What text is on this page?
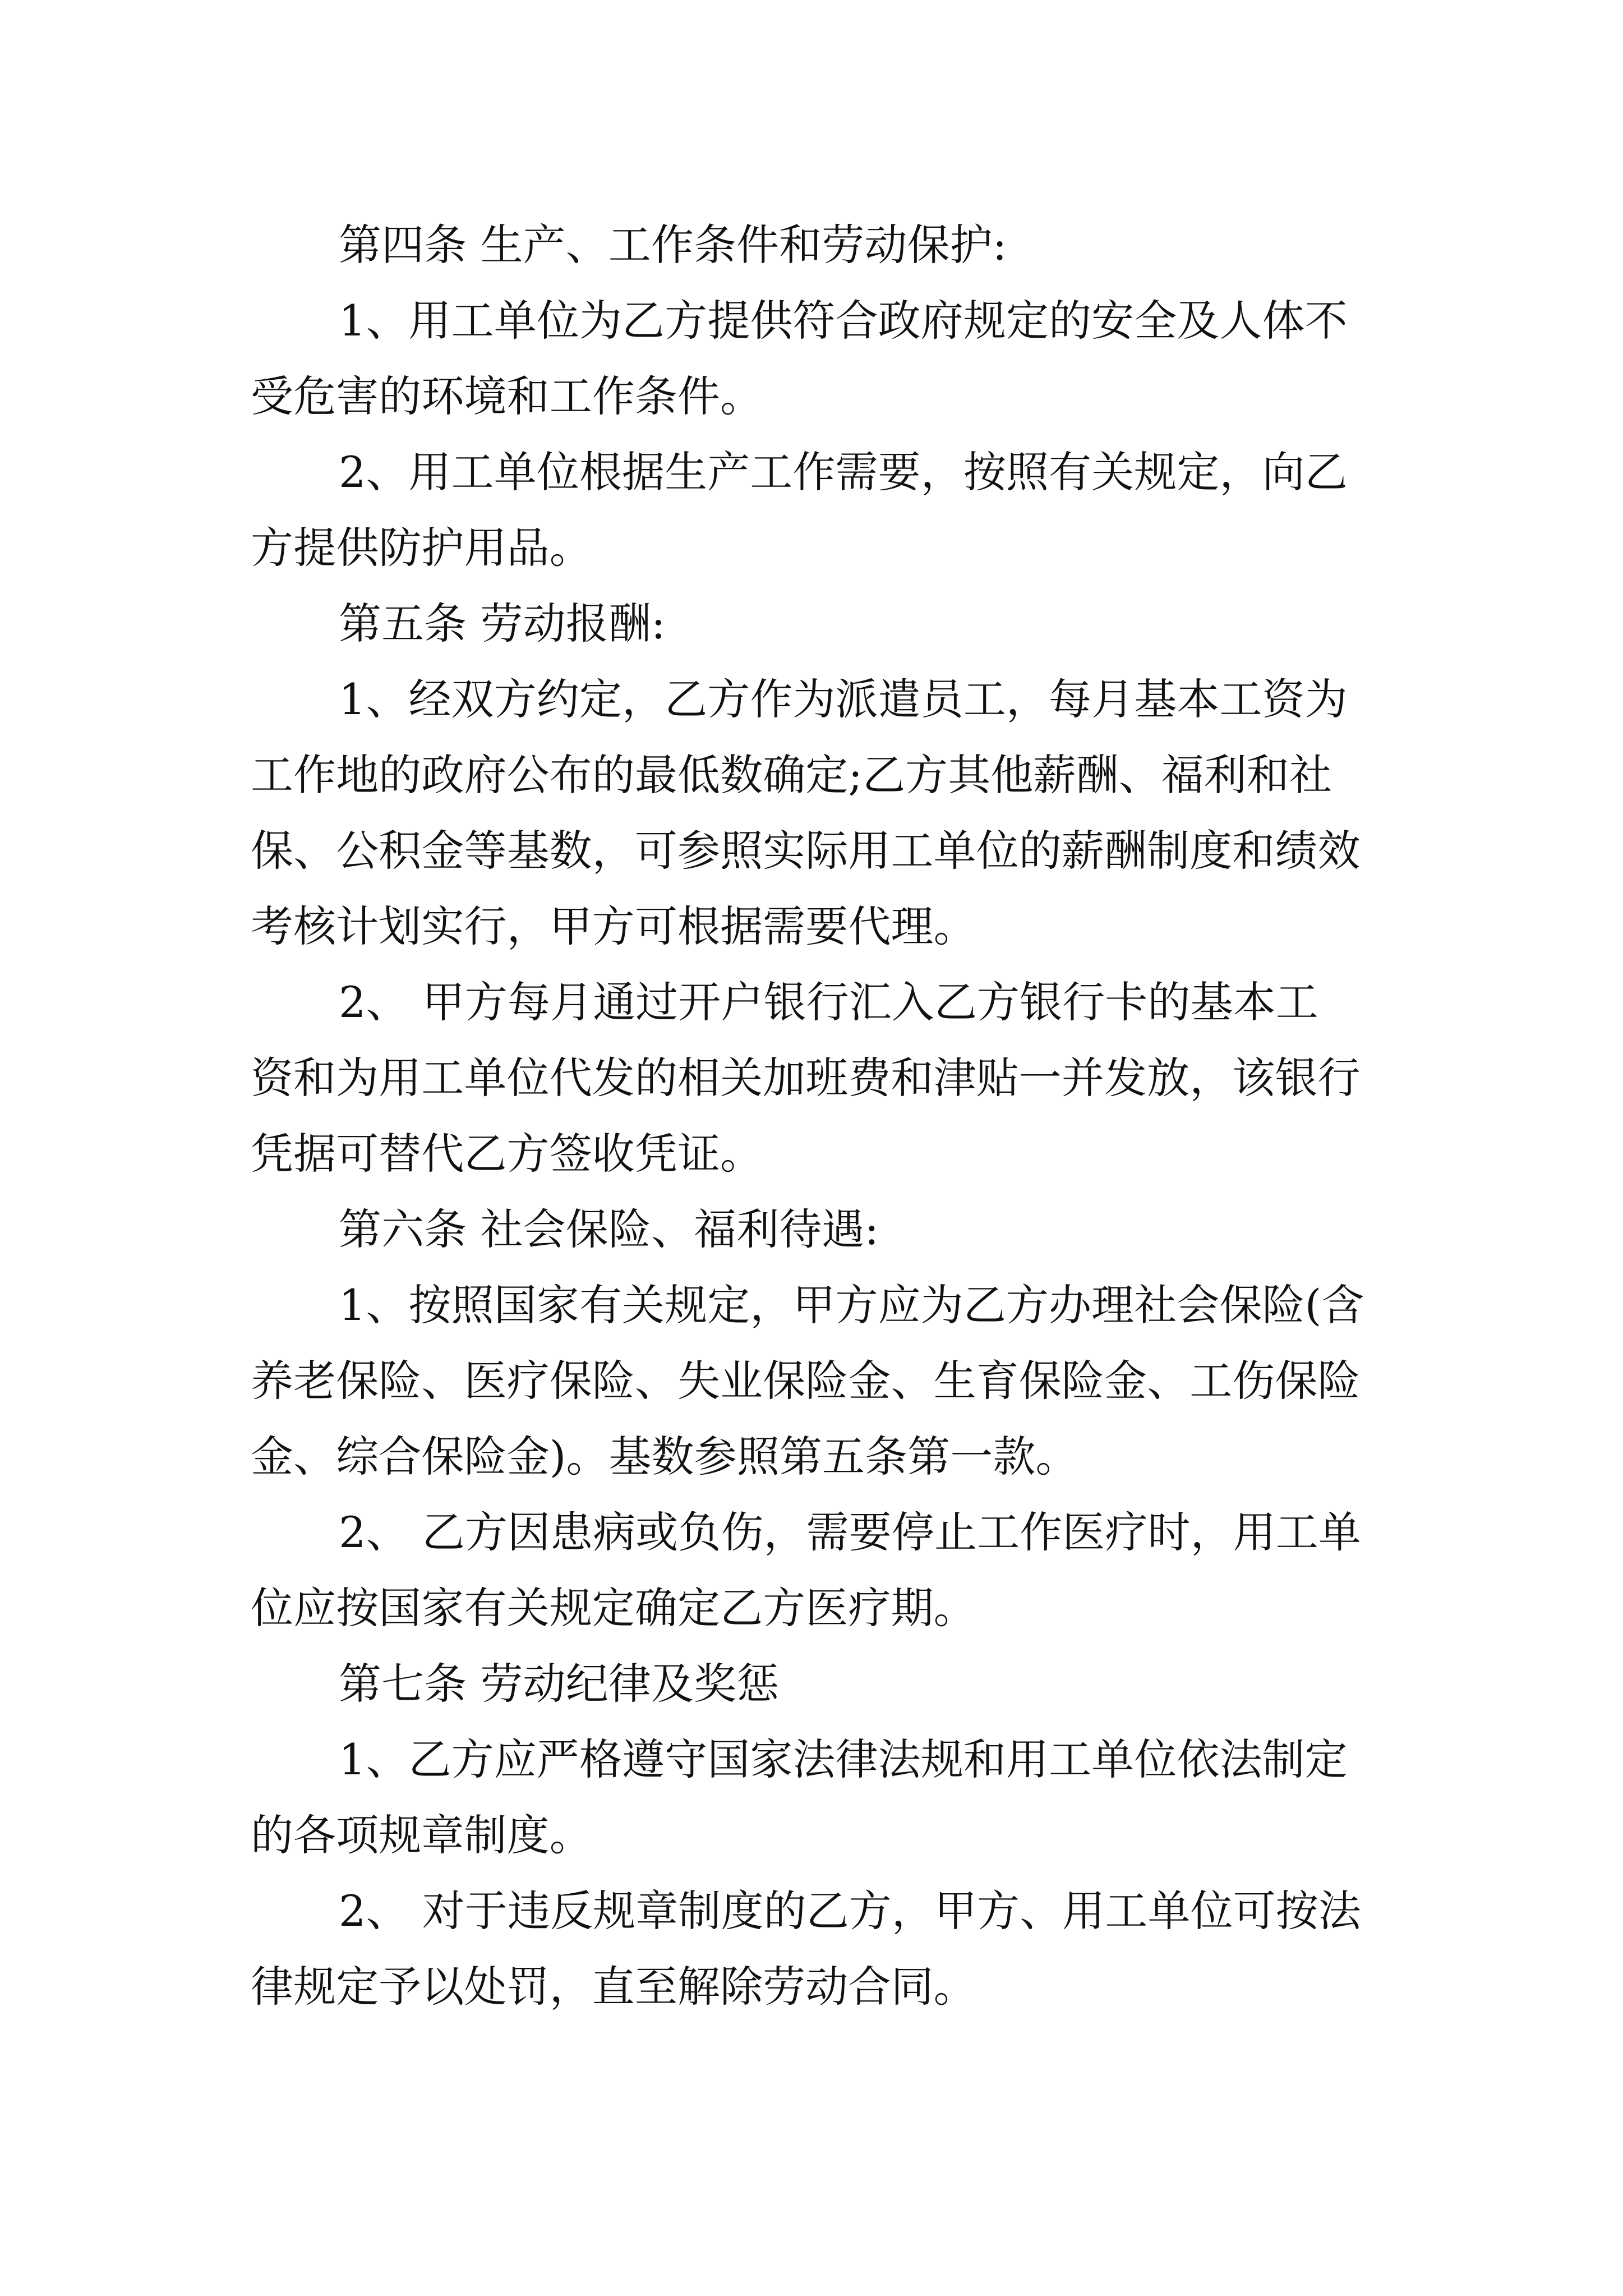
第四条 生产、工作条件和劳动保护:

1、用工单位为乙方提供符合政府规定的安全及人体不

受危害的环境和工作条件。

2、用工单位根据生产工作需要，按照有关规定，向乙

方提供防护用品。

第五条 劳动报酬:

1、经双方约定，乙方作为派遣员工，每月基本工资为

工作地的政府公布的最低数确定;乙方其他薪酬、福利和社

保、公积金等基数，可参照实际用工单位的薪酬制度和绩效

考核计划实行，甲方可根据需要代理。

2、 甲方每月通过开户银行汇入乙方银行卡的基本工

资和为用工单位代发的相关加班费和津贴一并发放，该银行

凭据可替代乙方签收凭证。

第六条 社会保险、福利待遇:

1、按照国家有关规定，甲方应为乙方办理社会保险(含

养老保险、医疗保险、失业保险金、生育保险金、工伤保险

金、综合保险金)。基数参照第五条第一款。

2、 乙方因患病或负伤，需要停止工作医疗时，用工单

位应按国家有关规定确定乙方医疗期。

第七条 劳动纪律及奖惩

1、乙方应严格遵守国家法律法规和用工单位依法制定

的各项规章制度。

2、 对于违反规章制度的乙方，甲方、用工单位可按法

律规定予以处罚，直至解除劳动合同。
